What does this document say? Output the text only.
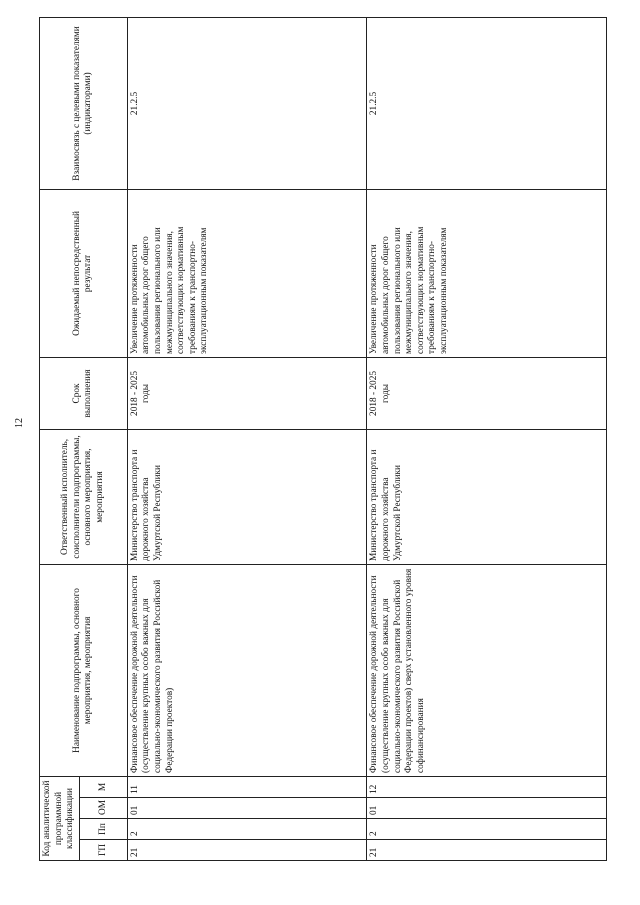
12
Код аналитической программной классификации				Наименование подпрограммы, основного мероприятия, мероприятия	Ответственный исполнитель, соисполнители подпрограммы, основного мероприятия, мероприятия	Срок выполнения	Ожидаемый непосредственный результат	Взаимосвязь с целевыми показателями (индикаторами)
ГП	Пп	ОМ	М					
21	2	01	11	Финансовое обеспечение дорожной деятельности (осуществление крупных особо важных для социально-экономического развития Российской Федерации проектов)	Министерство транспорта и дорожного хозяйства Удмуртской Республики	2018 - 2025 годы	Увеличение протяженности автомобильных дорог общего пользования регионального или межмуниципального значения, соответствующих нормативным требованиям к транспортно-эксплуатационным показателям	21.2.5
21	2	01	12	Финансовое обеспечение дорожной деятельности (осуществление крупных особо важных для социально-экономического развития Российской Федерации проектов) сверх установленного уровня софинансирования	Министерство транспорта и дорожного хозяйства Удмуртской Республики	2018 - 2025 годы	Увеличение протяженности автомобильных дорог общего пользования регионального или межмуниципального значения, соответствующих нормативным требованиям к транспортно-эксплуатационным показателям	21.2.5
